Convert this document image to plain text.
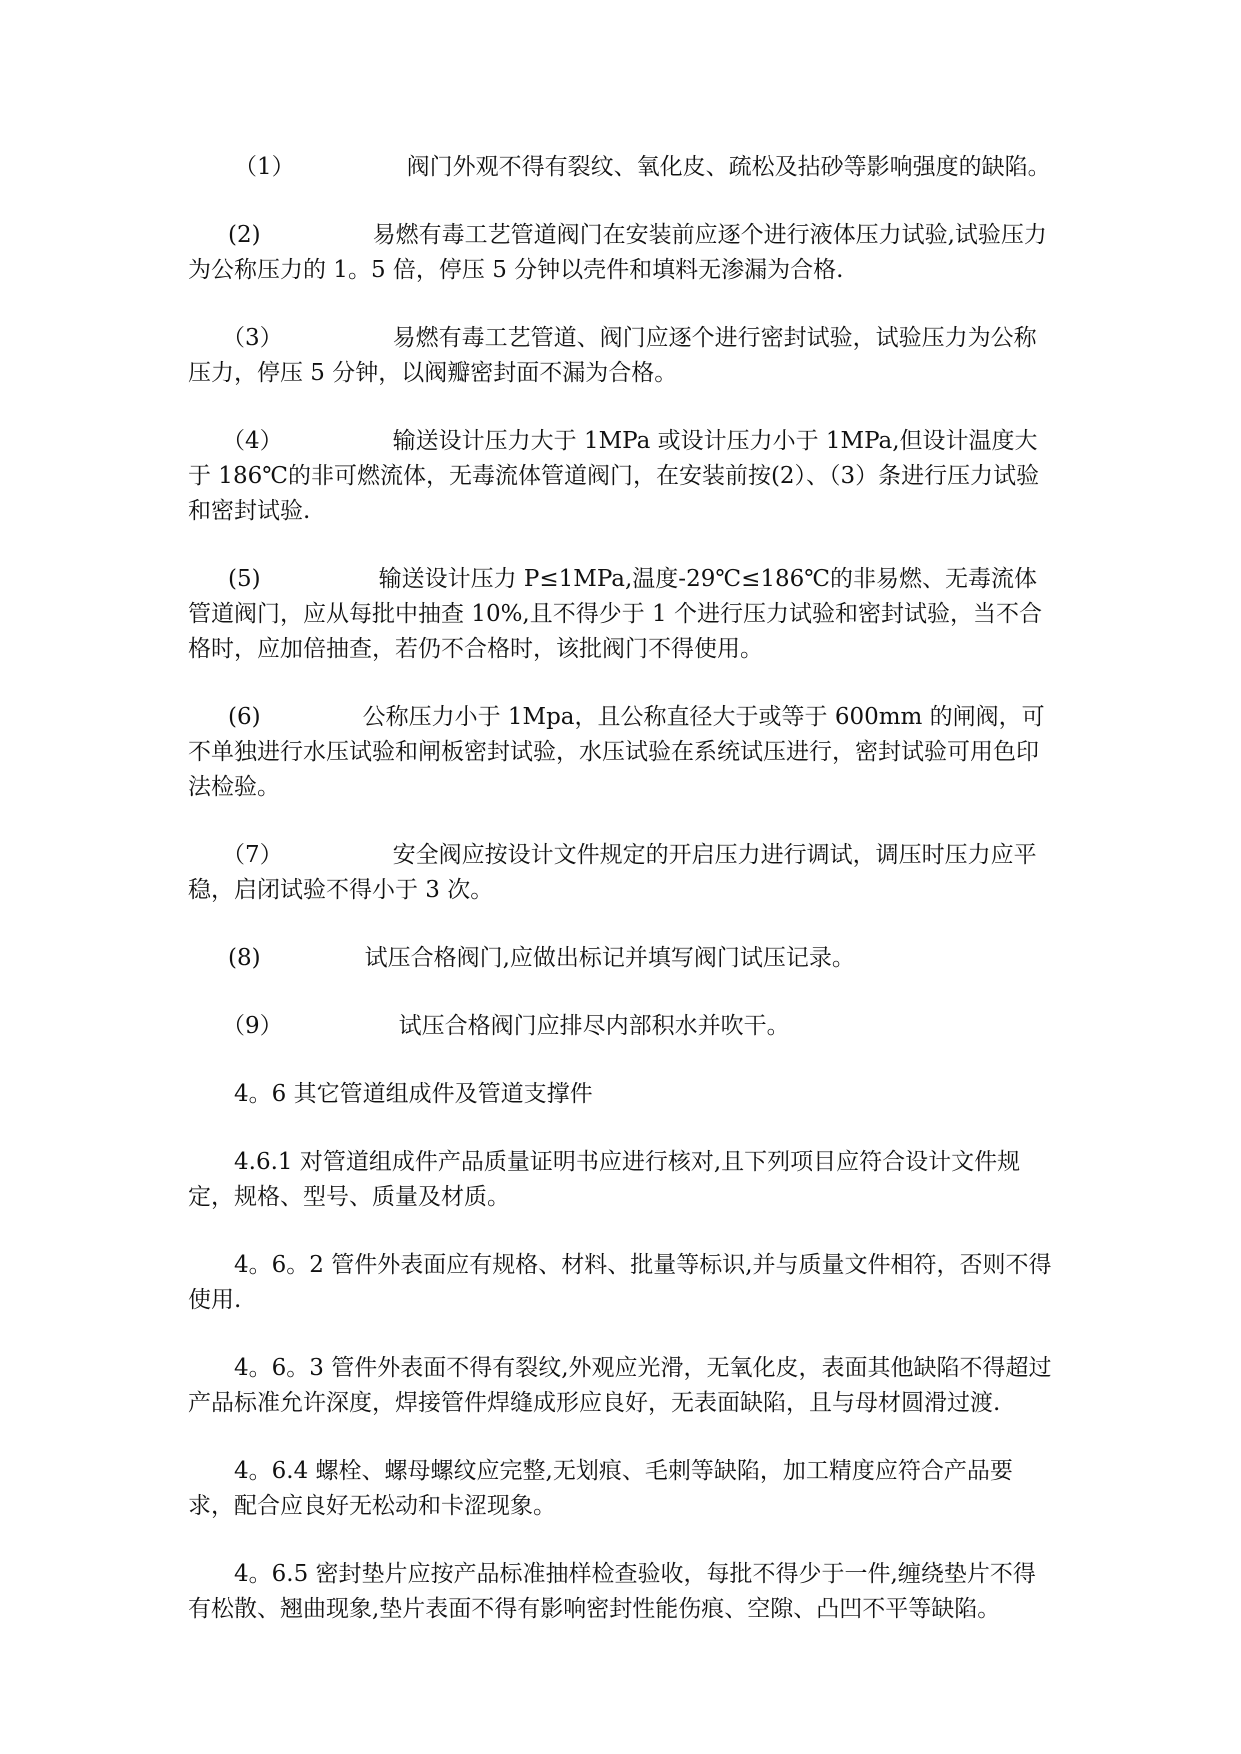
（1）	阀门外观不得有裂纹、氧化皮、疏松及拈砂等影响强度的缺陷。

(2)	易燃有毒工艺管道阀门在安装前应逐个进行液体压力试验,试验压力为公称压力的 1。5 倍，停压 5 分钟以壳件和填料无渗漏为合格.

（3）	易燃有毒工艺管道、阀门应逐个进行密封试验，试验压力为公称压力，停压 5 分钟，以阀瓣密封面不漏为合格。

（4）	输送设计压力大于 1MPa 或设计压力小于 1MPa,但设计温度大于 186℃的非可燃流体，无毒流体管道阀门，在安装前按(2）、（3）条进行压力试验和密封试验.

(5)	输送设计压力 P≤1MPa,温度-29℃≤186℃的非易燃、无毒流体管道阀门，应从每批中抽查 10%,且不得少于 1 个进行压力试验和密封试验，当不合格时，应加倍抽查，若仍不合格时，该批阀门不得使用。

(6)	公称压力小于 1Mpa，且公称直径大于或等于 600mm 的闸阀，可不单独进行水压试验和闸板密封试验，水压试验在系统试压进行，密封试验可用色印法检验。

（7）	安全阀应按设计文件规定的开启压力进行调试，调压时压力应平稳，启闭试验不得小于 3 次。

(8)	试压合格阀门,应做出标记并填写阀门试压记录。

（9）	试压合格阀门应排尽内部积水并吹干。

4。6 其它管道组成件及管道支撑件

4.6.1 对管道组成件产品质量证明书应进行核对,且下列项目应符合设计文件规定，规格、型号、质量及材质。

4。6。2 管件外表面应有规格、材料、批量等标识,并与质量文件相符，否则不得使用.

4。6。3 管件外表面不得有裂纹,外观应光滑，无氧化皮，表面其他缺陷不得超过产品标准允许深度，焊接管件焊缝成形应良好，无表面缺陷，且与母材圆滑过渡.

4。6.4 螺栓、螺母螺纹应完整,无划痕、毛刺等缺陷，加工精度应符合产品要求，配合应良好无松动和卡涩现象。

4。6.5 密封垫片应按产品标准抽样检查验收，每批不得少于一件,缠绕垫片不得有松散、翘曲现象,垫片表面不得有影响密封性能伤痕、空隙、凸凹不平等缺陷。
